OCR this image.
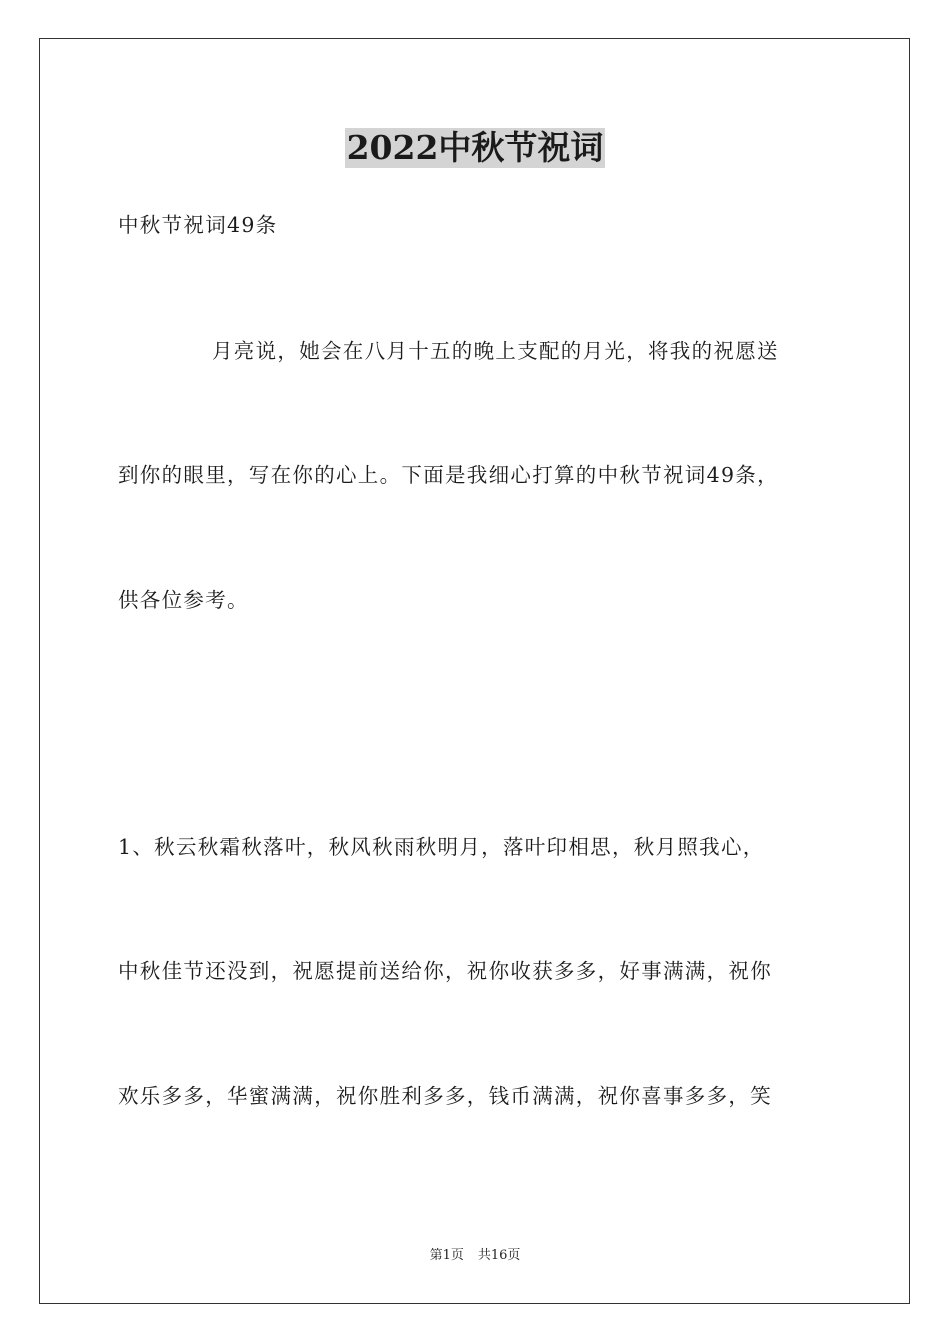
2022中秋节祝词
中秋节祝词49条
月亮说，她会在八月十五的晚上支配的月光，将我的祝愿送
到你的眼里，写在你的心上。下面是我细心打算的中秋节祝词49条，
供各位参考。
1、秋云秋霜秋落叶，秋风秋雨秋明月，落叶印相思，秋月照我心，
中秋佳节还没到，祝愿提前送给你，祝你收获多多，好事满满，祝你
欢乐多多，华蜜满满，祝你胜利多多，钱币满满，祝你喜事多多，笑
第1页 共16页
